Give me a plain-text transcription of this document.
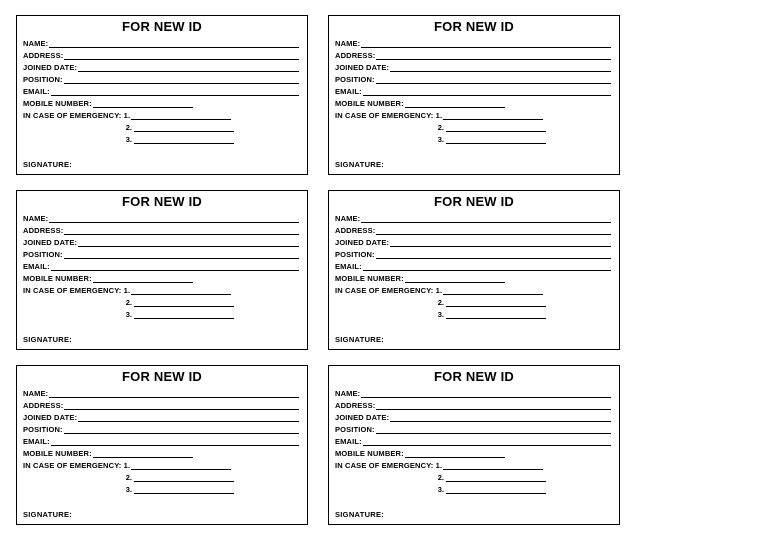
FOR NEW ID
NAME:
ADDRESS:
JOINED DATE:
POSITION:
EMAIL:
MOBILE NUMBER:
IN CASE OF EMERGENCY: 1.
2.
3.
SIGNATURE:
FOR NEW ID
NAME:
ADDRESS:
JOINED DATE:
POSITION:
EMAIL:
MOBILE NUMBER:
IN CASE OF EMERGENCY: 1.
2.
3.
SIGNATURE:
FOR NEW ID
NAME:
ADDRESS:
JOINED DATE:
POSITION:
EMAIL:
MOBILE NUMBER:
IN CASE OF EMERGENCY: 1.
2.
3.
SIGNATURE:
FOR NEW ID
NAME:
ADDRESS:
JOINED DATE:
POSITION:
EMAIL:
MOBILE NUMBER:
IN CASE OF EMERGENCY: 1.
2.
3.
SIGNATURE:
FOR NEW ID
NAME:
ADDRESS:
JOINED DATE:
POSITION:
EMAIL:
MOBILE NUMBER:
IN CASE OF EMERGENCY: 1.
2.
3.
SIGNATURE:
FOR NEW ID
NAME:
ADDRESS:
JOINED DATE:
POSITION:
EMAIL:
MOBILE NUMBER:
IN CASE OF EMERGENCY: 1.
2.
3.
SIGNATURE:
